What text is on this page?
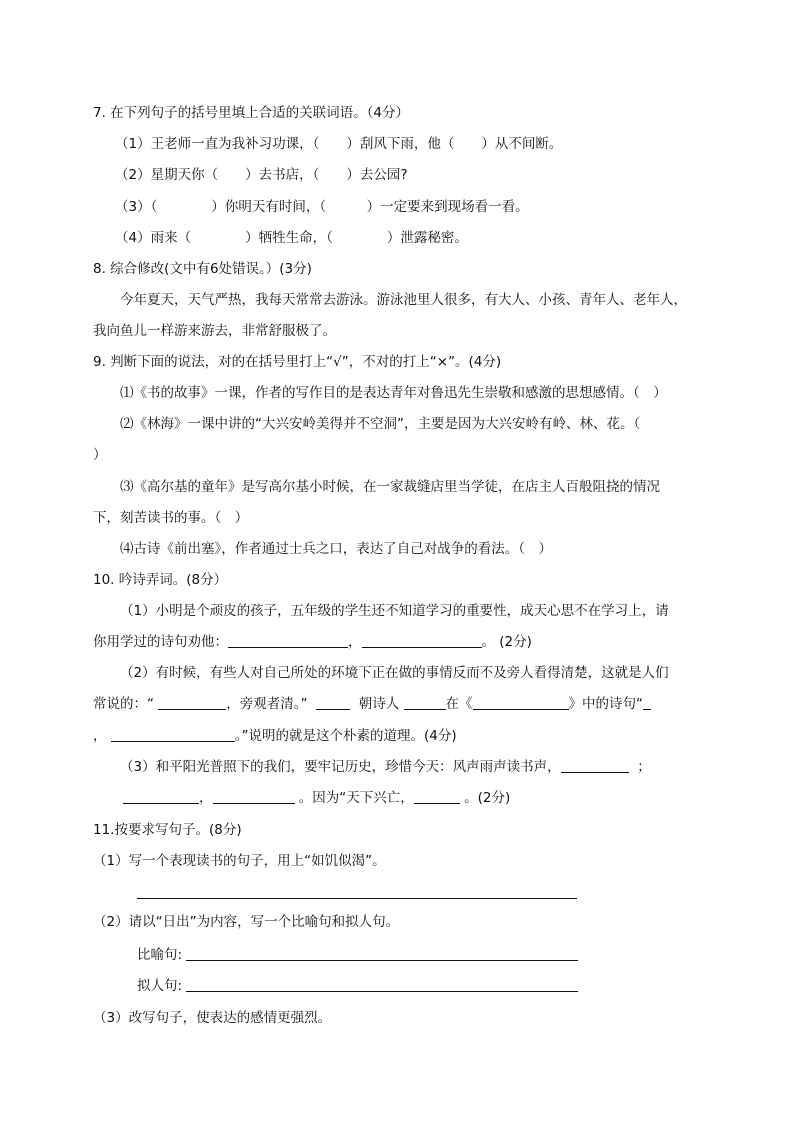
7. 在下列句子的括号里填上合适的关联词语。（4分）
（1）王老师一直为我补习功课，（　　）刮风下雨，他（　　）从不间断。
（2）星期天你（　　）去书店，（　　）去公园?
（3）（　　　　）你明天有时间，（　　　）一定要来到现场看一看。
（4）雨来（　　　　）牺牲生命，（　　　　）泄露秘密。
8. 综合修改(文中有6处错误。）(3分)
今年夏天，天气严热，我每天常常去游泳。游泳池里人很多，有大人、小孩、青年人、老年人，
我向鱼儿一样游来游去，非常舒服极了。
9. 判断下面的说法，对的在括号里打上“√”，不对的打上“×”。(4分)
⑴《书的故事》一课，作者的写作目的是表达青年对鲁迅先生崇敬和感激的思想感情。（　）
⑵《林海》一课中讲的“大兴安岭美得并不空洞”，主要是因为大兴安岭有岭、林、花。（
）
⑶《高尔基的童年》是写高尔基小时候，在一家裁缝店里当学徒，在店主人百般阻挠的情况
下，刻苦读书的事。（　）
⑷古诗《前出塞》，作者通过士兵之口，表达了自己对战争的看法。（　）
10. 吟诗弄词。(8分）
（1）小明是个顽皮的孩子，五年级的学生还不知道学习的重要性，成天心思不在学习上，请
你用学过的诗句劝他：	，	。 (2分)
（2）有时候，有些人对自己所处的环境下正在做的事情反而不及旁人看得清楚，这就是人们
常说的：“	，旁观者清。”	朝诗人	在《	》中的诗句“
，	。”说明的就是这个朴素的道理。(4分)
（3）和平阳光普照下的我们，要牢记历史，珍惜今天：风声雨声读书声，	；
，	。因为“天下兴亡，	。(2分)
11.按要求写句子。(8分)
（1）写一个表现读书的句子，用上“如饥似渴”。
（2）请以“日出”为内容，写一个比喻句和拟人句。
比喻句:
拟人句:
（3）改写句子，使表达的感情更强烈。
